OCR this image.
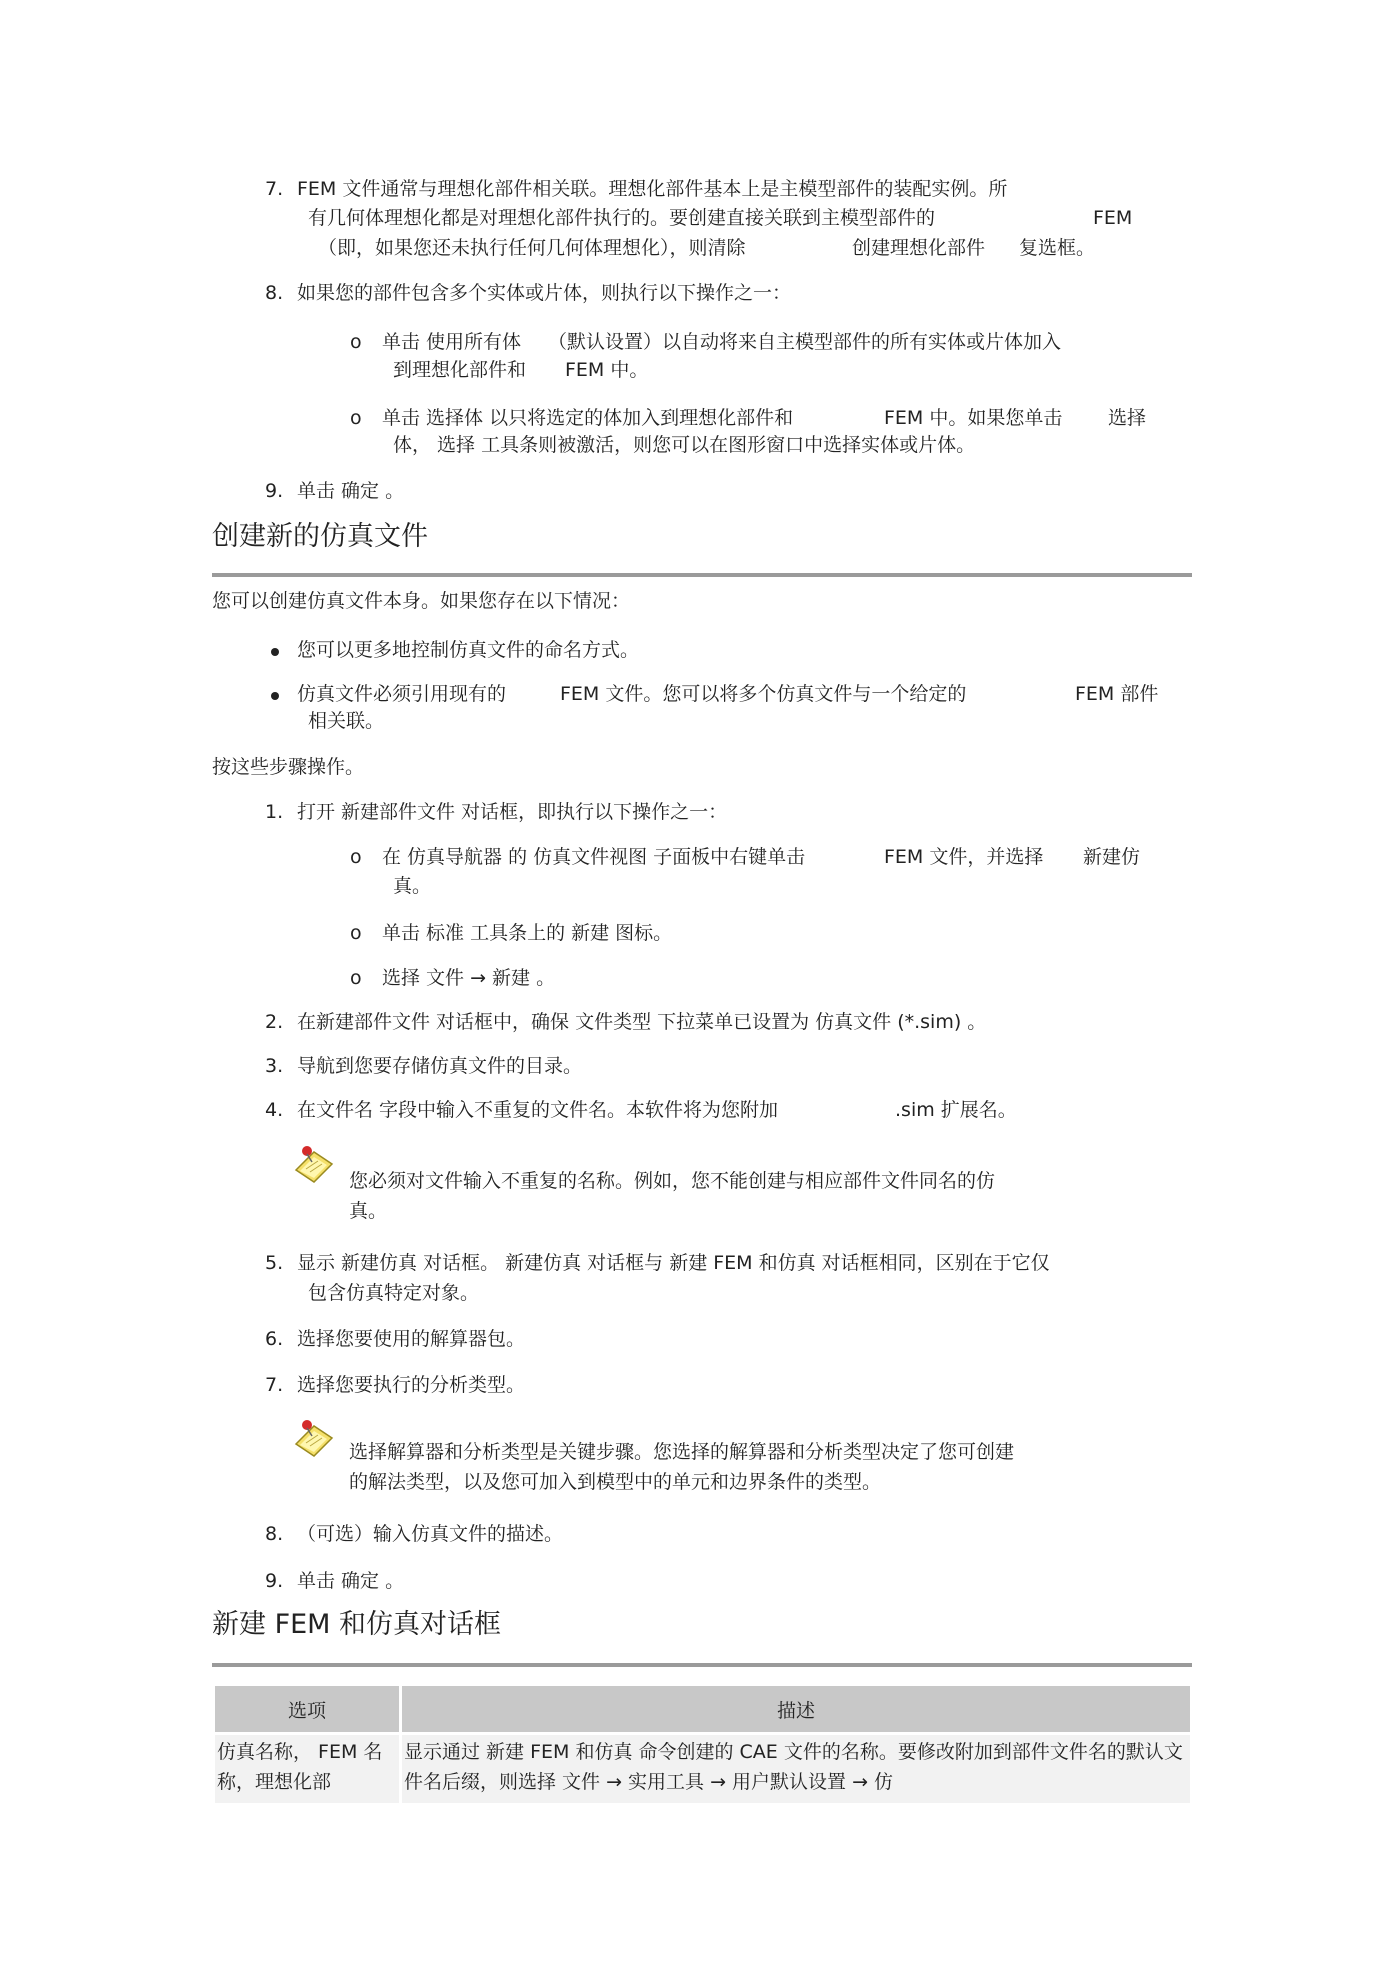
7. FEM 文件通常与理想化部件相关联。理想化部件基本上是主模型部件的装配实例。所
有几何体理想化都是对理想化部件执行的。要创建直接关联到主模型部件的	FEM
（即，如果您还未执行任何几何体理想化），则清除	创建理想化部件 复选框。
8. 如果您的部件包含多个实体或片体，则执行以下操作之一：
o 单击 使用所有体 （默认设置）以自动将来自主模型部件的所有实体或片体加入
到理想化部件和 FEM 中。
o 单击 选择体 以只将选定的体加入到理想化部件和	FEM 中。如果您单击 选择
体， 选择 工具条则被激活，则您可以在图形窗口中选择实体或片体。
9. 单击 确定 。
创建新的仿真文件
您可以创建仿真文件本身。如果您存在以下情况：
您可以更多地控制仿真文件的命名方式。
仿真文件必须引用现有的	FEM 文件。您可以将多个仿真文件与一个给定的	FEM 部件
相关联。
按这些步骤操作。
1. 打开 新建部件文件 对话框，即执行以下操作之一：
o 在 仿真导航器 的 仿真文件视图 子面板中右键单击	FEM 文件，并选择 新建仿
真。
o 单击 标准 工具条上的 新建 图标。
o 选择 文件 → 新建 。
2. 在新建部件文件 对话框中，确保 文件类型 下拉菜单已设置为 仿真文件 (*.sim) 。
3. 导航到您要存储仿真文件的目录。
4. 在文件名 字段中输入不重复的文件名。本软件将为您附加	.sim 扩展名。
您必须对文件输入不重复的名称。例如，您不能创建与相应部件文件同名的仿
真。
5. 显示 新建仿真 对话框。 新建仿真 对话框与 新建 FEM 和仿真 对话框相同，区别在于它仅
包含仿真特定对象。
6. 选择您要使用的解算器包。
7. 选择您要执行的分析类型。
选择解算器和分析类型是关键步骤。您选择的解算器和分析类型决定了您可创建
的解法类型，以及您可加入到模型中的单元和边界条件的类型。
8. （可选）输入仿真文件的描述。
9. 单击 确定 。
新建 FEM 和仿真对话框
选项	描述
仿真名称， FEM 名称，理想化部	显示通过 新建 FEM 和仿真 命令创建的 CAE 文件的名称。要修改附加到部件文件名的默认文件名后缀，则选择 文件 → 实用工具 → 用户默认设置 → 仿
